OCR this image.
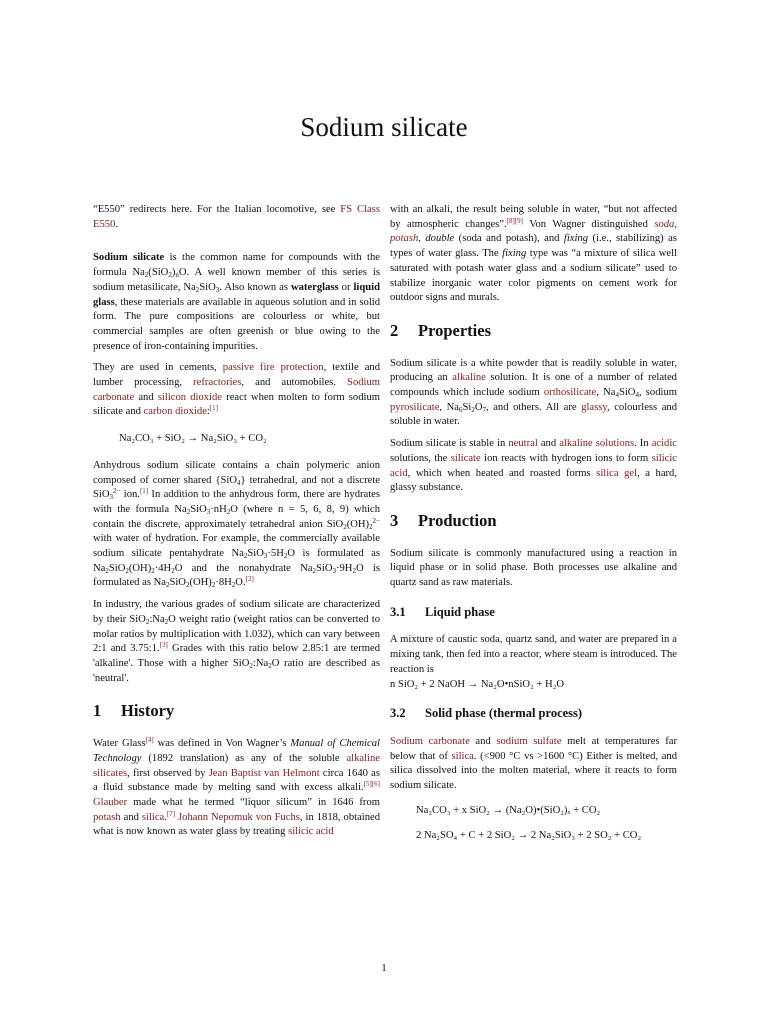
Sodium silicate

“E550” redirects here. For the Italian locomotive, see FS Class E550.

Sodium silicate is the common name for compounds with the formula $Na_2(SiO_2)_nO$. A well known member of this series is sodium metasilicate, $Na_2SiO_3$. Also known as waterglass or liquid glass, these materials are available in aqueous solution and in solid form. The pure compositions are colourless or white, but commercial samples are often greenish or blue owing to the presence of iron-containing impurities.

They are used in cements, passive fire protection, textile and lumber processing, refractories, and automobiles. Sodium carbonate and silicon dioxide react when molten to form sodium silicate and carbon dioxide:[1]

Na₂CO₃ + SiO₂ → Na₂SiO₃ + CO₂

Anhydrous sodium silicate contains a chain polymeric anion composed of corner shared {SiO$_4$} tetrahedral, and not a discrete SiO$_3^{2-}$ ion.[1] In addition to the anhydrous form, there are hydrates with the formula $Na_2SiO_3\cdot nH_2O$ (where n = 5, 6, 8, 9) which contain the discrete, approximately tetrahedral anion $SiO_2(OH)_2^{2-}$ with water of hydration. For example, the commercially available sodium silicate pentahydrate $Na_2SiO_3\cdot 5H_2O$ is formulated as $Na_2SiO_2(OH)_2\cdot 4H_2O$ and the nonahydrate $Na_2SiO_3\cdot 9H_2O$ is formulated as $Na_2SiO_2(OH)_2\cdot 8H_2O.[2]$

In industry, the various grades of sodium silicate are characterized by their $SiO_2:Na_2O$ weight ratio (weight ratios can be converted to molar ratios by multiplication with 1.032), which can vary between 2:1 and 3.75:1.[3] Grades with this ratio below 2.85:1 are termed 'alkaline'. Those with a higher $SiO_2:Na_2O$ ratio are described as 'neutral'.

1 History

Water Glass[4] was defined in Von Wagner’s Manual of Chemical Technology (1892 translation) as any of the soluble alkaline silicates, first observed by Jean Baptist van Helmont circa 1640 as a fluid substance made by melting sand with excess alkali.[5][6] Glauber made what he termed “liquor silicum” in 1646 from potash and silica.[7] Johann Nepomuk von Fuchs, in 1818, obtained what is now known as water glass by treating silicic acid

with an alkali, the result being soluble in water, “but not affected by atmospheric changes”.[8][9] Von Wagner distinguished soda, potash, double (soda and potash), and fixing (i.e., stabilizing) as types of water glass. The fixing type was “a mixture of silica well saturated with potash water glass and a sodium silicate” used to stabilize inorganic water color pigments on cement work for outdoor signs and murals.

2 Properties

Sodium silicate is a white powder that is readily soluble in water, producing an alkaline solution. It is one of a number of related compounds which include sodium orthosilicate, $Na_4SiO_4$, sodium pyrosilicate, $Na_6Si_2O_7$, and others. All are glassy, colourless and soluble in water.

Sodium silicate is stable in neutral and alkaline solutions. In acidic solutions, the silicate ion reacts with hydrogen ions to form silicic acid, which when heated and roasted forms silica gel, a hard, glassy substance.

3 Production

Sodium silicate is commonly manufactured using a reaction in liquid phase or in solid phase. Both processes use alkaline and quartz sand as raw materials.

3.1 Liquid phase

A mixture of caustic soda, quartz sand, and water are prepared in a mixing tank, then fed into a reactor, where steam is introduced. The reaction is

n SiO₂ + 2 NaOH → Na₂O•nSiO₂ + H₂O
3.2 Solid phase (thermal process)

Sodium carbonate and sodium sulfate melt at temperatures far below that of silica. (<900 °C vs >1600 °C) Either is melted, and silica dissolved into the molten material, where it reacts to form sodium silicate.

Na₂CO₃ + x SiO₂ → (Na₂O)•(SiO₂)ₓ + CO₂
2 Na₂SO₄ + C + 2 SiO₂ → 2 Na₂SiO₃ + 2 SO₂ + CO₂
1
